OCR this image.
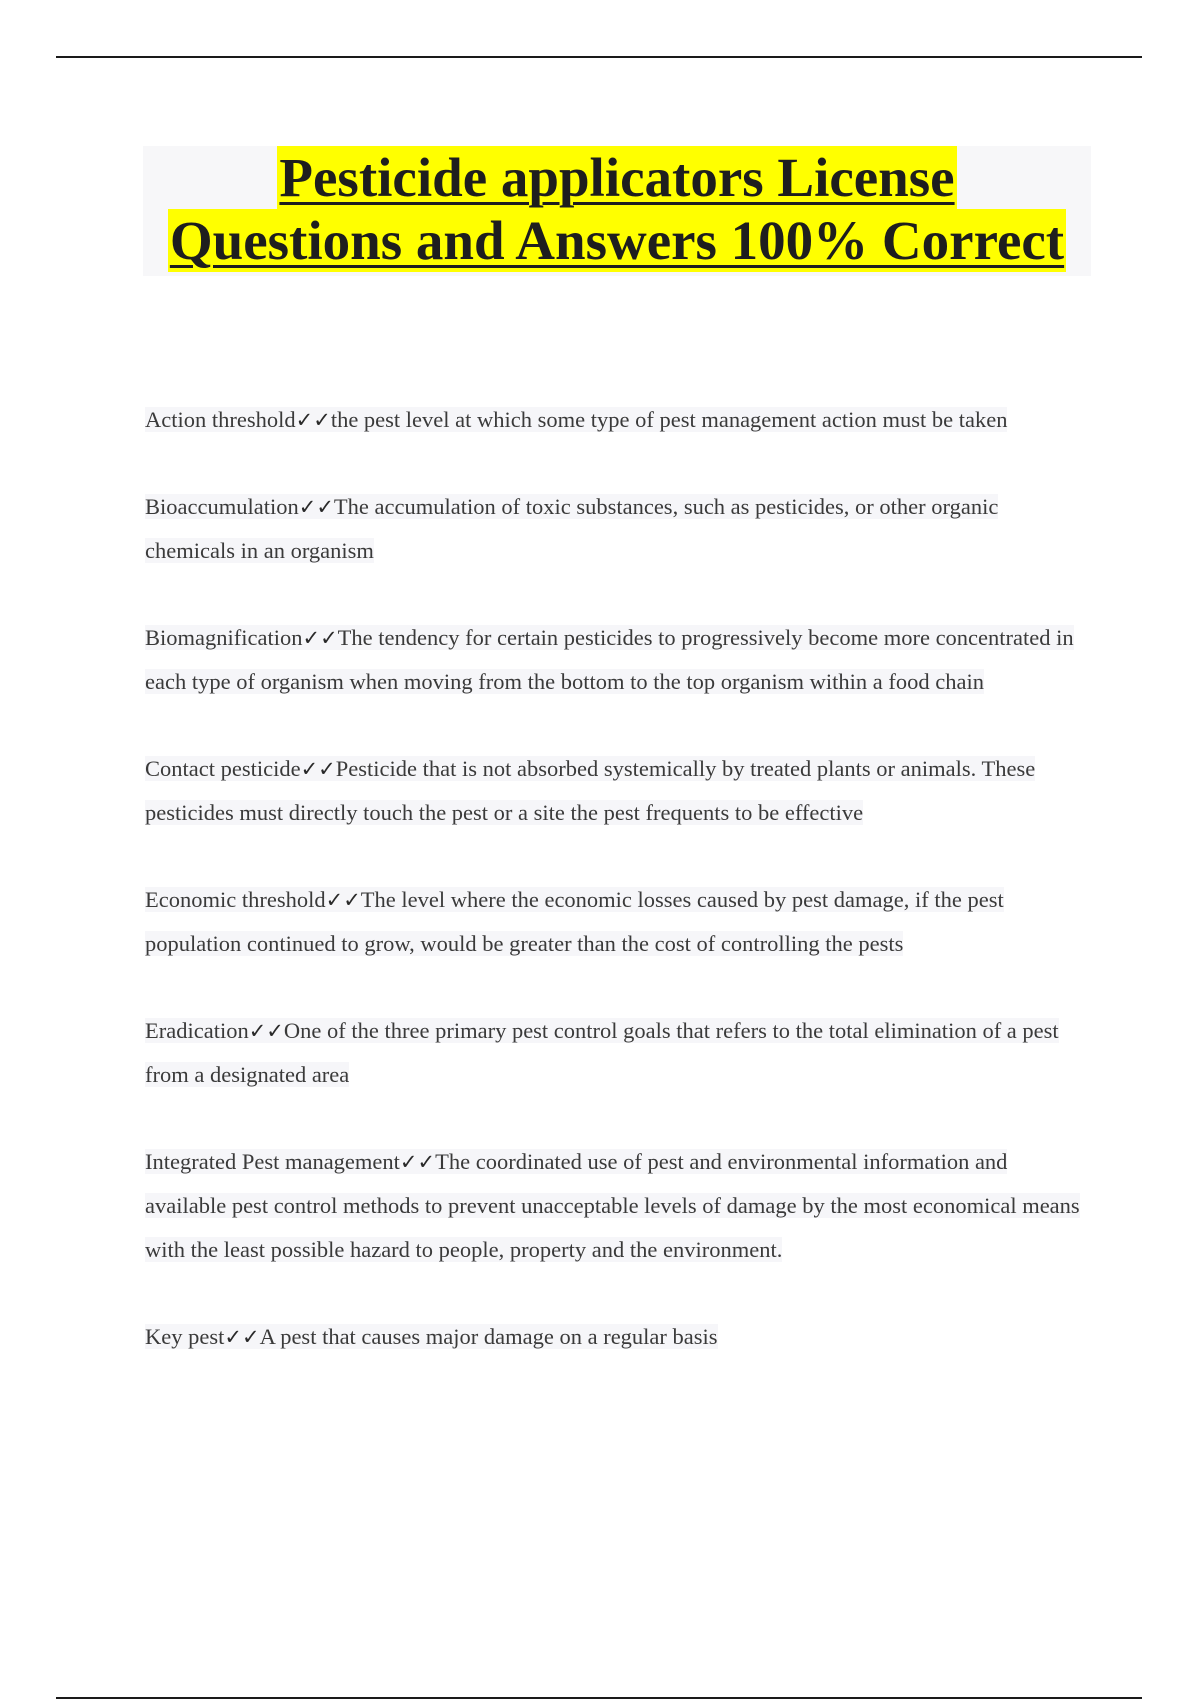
Pesticide applicators License
Questions and Answers 100% Correct

Action threshold✓✓the pest level at which some type of pest management action must be taken

Bioaccumulation✓✓The accumulation of toxic substances, such as pesticides, or other organic chemicals in an organism

Biomagnification✓✓The tendency for certain pesticides to progressively become more concentrated in each type of organism when moving from the bottom to the top organism within a food chain

Contact pesticide✓✓Pesticide that is not absorbed systemically by treated plants or animals. These pesticides must directly touch the pest or a site the pest frequents to be effective

Economic threshold✓✓The level where the economic losses caused by pest damage, if the pest population continued to grow, would be greater than the cost of controlling the pests

Eradication✓✓One of the three primary pest control goals that refers to the total elimination of a pest from a designated area

Integrated Pest management✓✓The coordinated use of pest and environmental information and available pest control methods to prevent unacceptable levels of damage by the most economical means with the least possible hazard to people, property and the environment.

Key pest✓✓A pest that causes major damage on a regular basis
